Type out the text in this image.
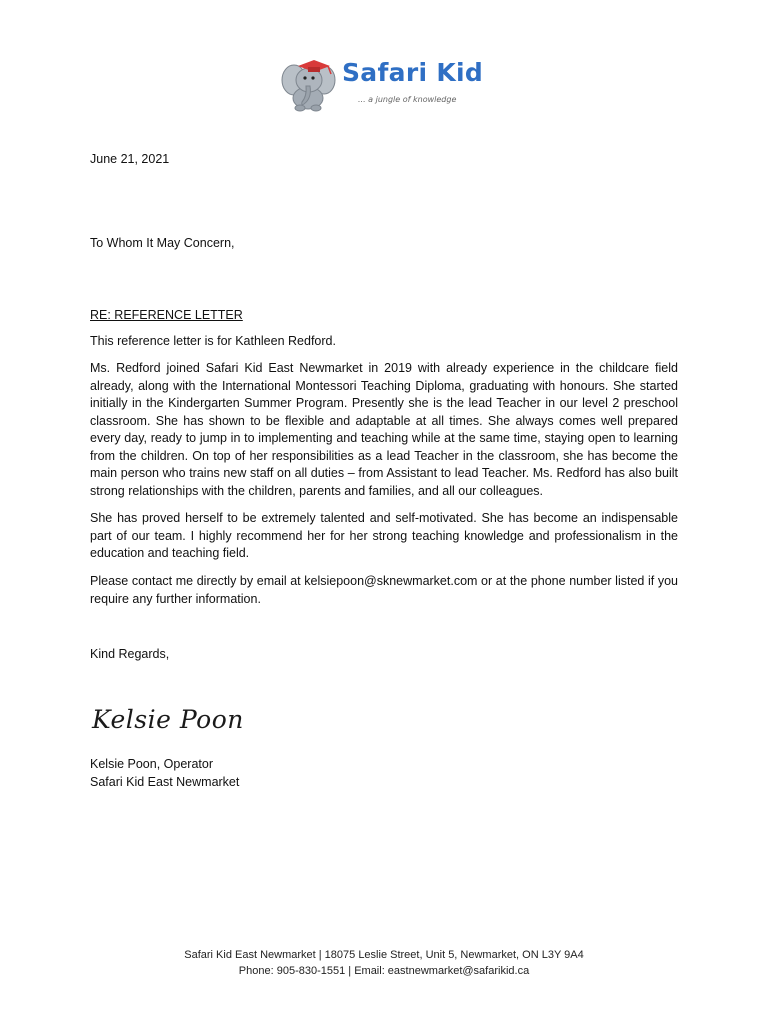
Safari Kid
... a jungle of knowledge
June 21, 2021
To Whom It May Concern,
RE: REFERENCE LETTER
This reference letter is for Kathleen Redford.
Ms. Redford joined Safari Kid East Newmarket in 2019 with already experience in the childcare field already, along with the International Montessori Teaching Diploma, graduating with honours. She started initially in the Kindergarten Summer Program. Presently she is the lead Teacher in our level 2 preschool classroom. She has shown to be flexible and adaptable at all times. She always comes well prepared every day, ready to jump in to implementing and teaching while at the same time, staying open to learning from the children. On top of her responsibilities as a lead Teacher in the classroom, she has become the main person who trains new staff on all duties – from Assistant to lead Teacher. Ms. Redford has also built strong relationships with the children, parents and families, and all our colleagues.
She has proved herself to be extremely talented and self-motivated. She has become an indispensable part of our team. I highly recommend her for her strong teaching knowledge and professionalism in the education and teaching field.
Please contact me directly by email at kelsiepoon@sknewmarket.com or at the phone number listed if you require any further information.
Kind Regards,
Kelsie Poon
Kelsie Poon, Operator
Safari Kid East Newmarket
Safari Kid East Newmarket | 18075 Leslie Street, Unit 5, Newmarket, ON L3Y 9A4
Phone: 905-830-1551 | Email: eastnewmarket@safarikid.ca
